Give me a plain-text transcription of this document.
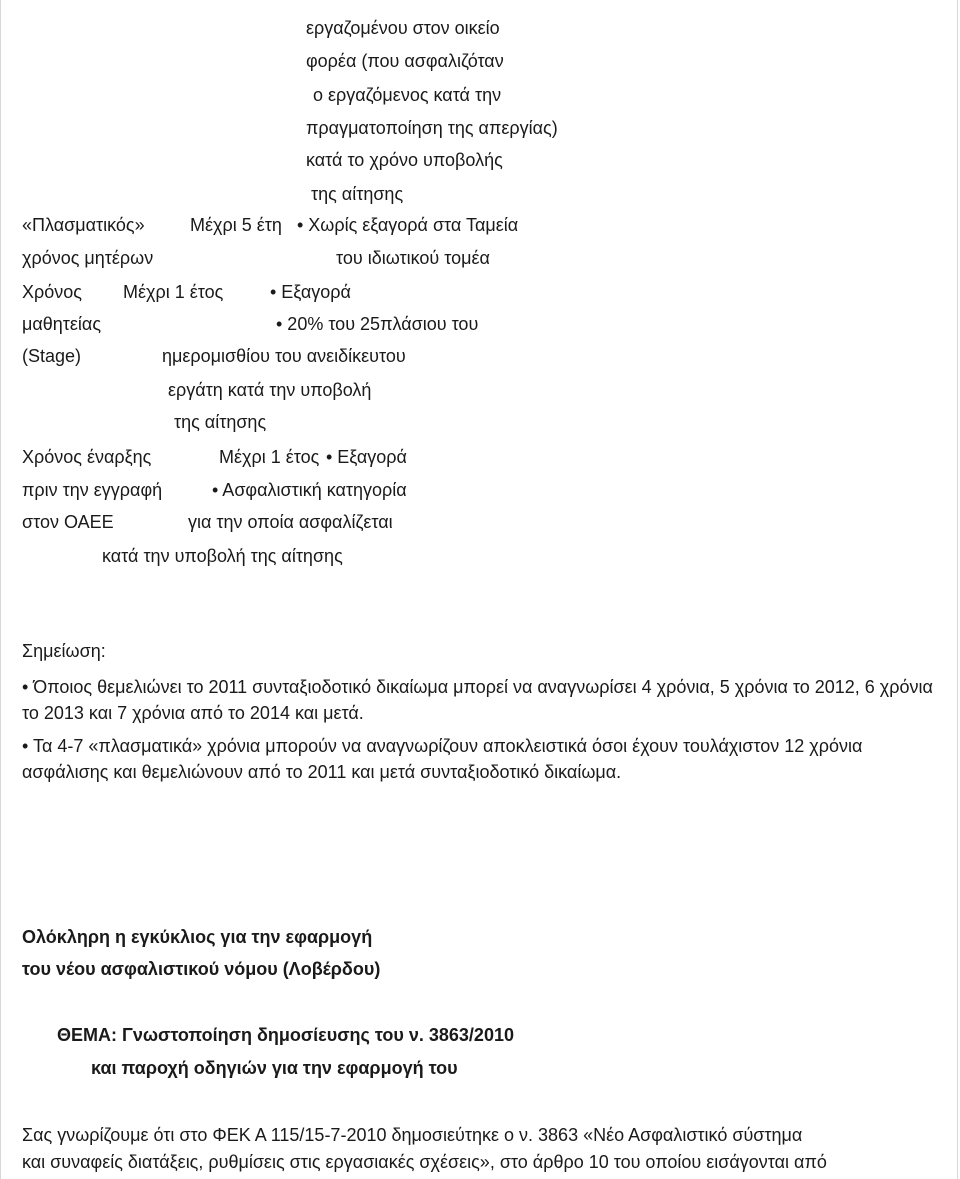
εργαζομένου στον οικείο
φορέα (που ασφαλιζόταν
ο εργαζόμενος κατά την
πραγματοποίηση της απεργίας)
κατά το χρόνο υποβολής
της αίτησης
«Πλασματικός»
χρόνος μητέρων
Μέχρι 5 έτη • Χωρίς εξαγορά στα Ταμεία
του ιδιωτικού τομέα
Χρόνος
μαθητείας
(Stage)
Μέχρι 1 έτος	• Εξαγορά
• 20% του 25πλάσιου του
ημερομισθίου του ανειδίκευτου
εργάτη κατά την υποβολή
της αίτησης
Χρόνος έναρξης
πριν την εγγραφή
στον ΟΑΕΕ
Μέχρι 1 έτος • Εξαγορά
• Ασφαλιστική κατηγορία
για την οποία ασφαλίζεται
κατά την υποβολή της αίτησης
Σημείωση:
• Όποιος θεμελιώνει το 2011 συνταξιοδοτικό δικαίωμα μπορεί να αναγνωρίσει 4 χρόνια, 5 χρόνια το 2012, 6 χρόνια το 2013 και 7 χρόνια από το 2014 και μετά.
• Τα 4-7 «πλασματικά» χρόνια μπορούν να αναγνωρίζουν αποκλειστικά όσοι έχουν τουλάχιστον 12 χρόνια ασφάλισης και θεμελιώνουν από το 2011 και μετά συνταξιοδοτικό δικαίωμα.
Ολόκληρη η εγκύκλιος για την εφαρμογή
του νέου ασφαλιστικού νόμου (Λοβέρδου)
ΘΕΜΑ: Γνωστοποίηση δημοσίευσης του ν. 3863/2010
και παροχή οδηγιών για την εφαρμογή του
Σας γνωρίζουμε ότι στο ΦΕΚ Α 115/15-7-2010 δημοσιεύτηκε ο ν. 3863 «Νέο Ασφαλιστικό σύστημα
και συναφείς διατάξεις, ρυθμίσεις στις εργασιακές σχέσεις», στο άρθρο 10 του οποίου εισάγονται από
